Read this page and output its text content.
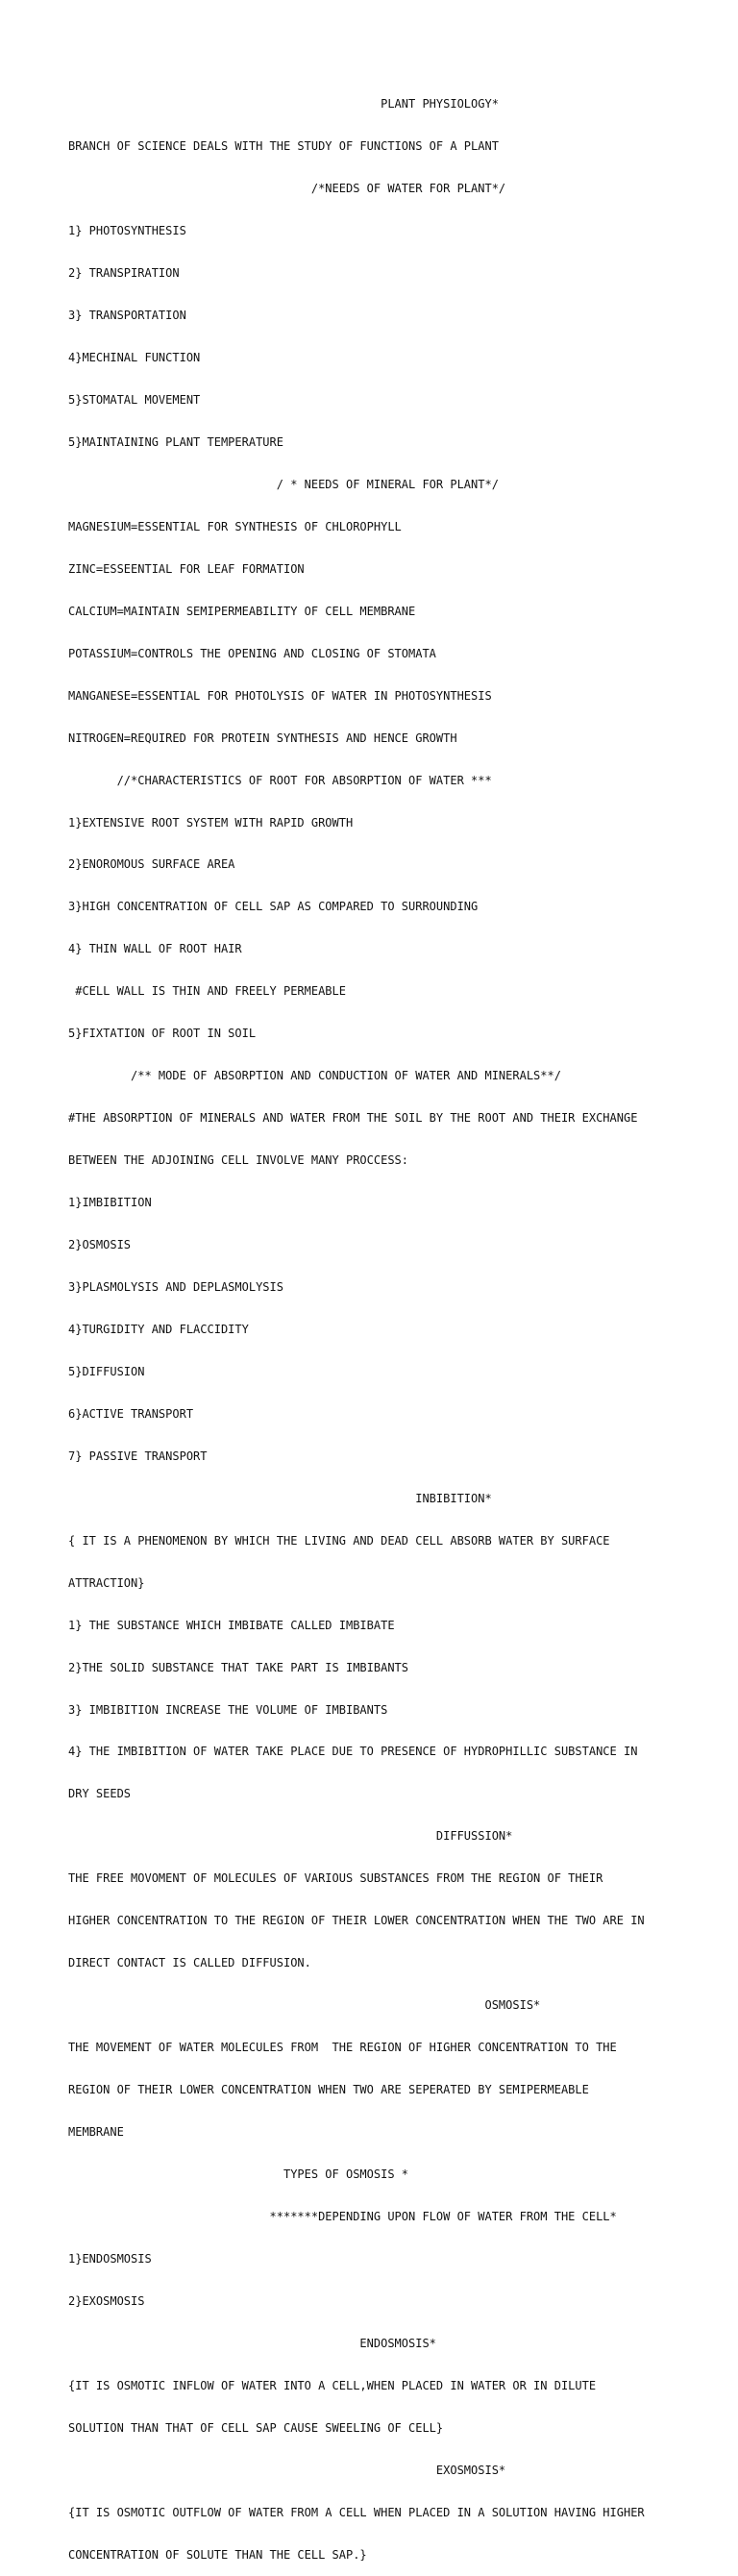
PLANT PHYSIOLOGY*

BRANCH OF SCIENCE DEALS WITH THE STUDY OF FUNCTIONS OF A PLANT

/*NEEDS OF WATER FOR PLANT*/

1} PHOTOSYNTHESIS

2} TRANSPIRATION

3} TRANSPORTATION

4}MECHINAL FUNCTION

5}STOMATAL MOVEMENT

5}MAINTAINING PLANT TEMPERATURE

/ * NEEDS OF MINERAL FOR PLANT*/

MAGNESIUM=ESSENTIAL FOR SYNTHESIS OF CHLOROPHYLL

ZINC=ESSEENTIAL FOR LEAF FORMATION

CALCIUM=MAINTAIN SEMIPERMEABILITY OF CELL MEMBRANE

POTASSIUM=CONTROLS THE OPENING AND CLOSING OF STOMATA

MANGANESE=ESSENTIAL FOR PHOTOLYSIS OF WATER IN PHOTOSYNTHESIS

NITROGEN=REQUIRED FOR PROTEIN SYNTHESIS AND HENCE GROWTH

//*CHARACTERISTICS OF ROOT FOR ABSORPTION OF WATER ***

1}EXTENSIVE ROOT SYSTEM WITH RAPID GROWTH

2}ENOROMOUS SURFACE AREA

3}HIGH CONCENTRATION OF CELL SAP AS COMPARED TO SURROUNDING

4} THIN WALL OF ROOT HAIR

#CELL WALL IS THIN AND FREELY PERMEABLE

5}FIXTATION OF ROOT IN SOIL

/** MODE OF ABSORPTION AND CONDUCTION OF WATER AND MINERALS**/

#THE ABSORPTION OF MINERALS AND WATER FROM THE SOIL BY THE ROOT AND THEIR EXCHANGE

BETWEEN THE ADJOINING CELL INVOLVE MANY PROCCESS:

1}IMBIBITION

2}OSMOSIS

3}PLASMOLYSIS AND DEPLASMOLYSIS

4}TURGIDITY AND FLACCIDITY

5}DIFFUSION

6}ACTIVE TRANSPORT

7} PASSIVE TRANSPORT

INBIBITION*

{ IT IS A PHENOMENON BY WHICH THE LIVING AND DEAD CELL ABSORB WATER BY SURFACE

ATTRACTION}

1} THE SUBSTANCE WHICH IMBIBATE CALLED IMBIBATE

2}THE SOLID SUBSTANCE THAT TAKE PART IS IMBIBANTS

3} IMBIBITION INCREASE THE VOLUME OF IMBIBANTS

4} THE IMBIBITION OF WATER TAKE PLACE DUE TO PRESENCE OF HYDROPHILLIC SUBSTANCE IN

DRY SEEDS

DIFFUSSION*

THE FREE MOVOMENT OF MOLECULES OF VARIOUS SUBSTANCES FROM THE REGION OF THEIR

HIGHER CONCENTRATION TO THE REGION OF THEIR LOWER CONCENTRATION WHEN THE TWO ARE IN

DIRECT CONTACT IS CALLED DIFFUSION.

OSMOSIS*

THE MOVEMENT OF WATER MOLECULES FROM  THE REGION OF HIGHER CONCENTRATION TO THE

REGION OF THEIR LOWER CONCENTRATION WHEN TWO ARE SEPERATED BY SEMIPERMEABLE

MEMBRANE

TYPES OF OSMOSIS *

*******DEPENDING UPON FLOW OF WATER FROM THE CELL*

1}ENDOSMOSIS

2}EXOSMOSIS

ENDOSMOSIS*

{IT IS OSMOTIC INFLOW OF WATER INTO A CELL,WHEN PLACED IN WATER OR IN DILUTE

SOLUTION THAN THAT OF CELL SAP CAUSE SWEELING OF CELL}

EXOSMOSIS*

{IT IS OSMOTIC OUTFLOW OF WATER FROM A CELL WHEN PLACED IN A SOLUTION HAVING HIGHER

CONCENTRATION OF SOLUTE THAN THE CELL SAP.}
